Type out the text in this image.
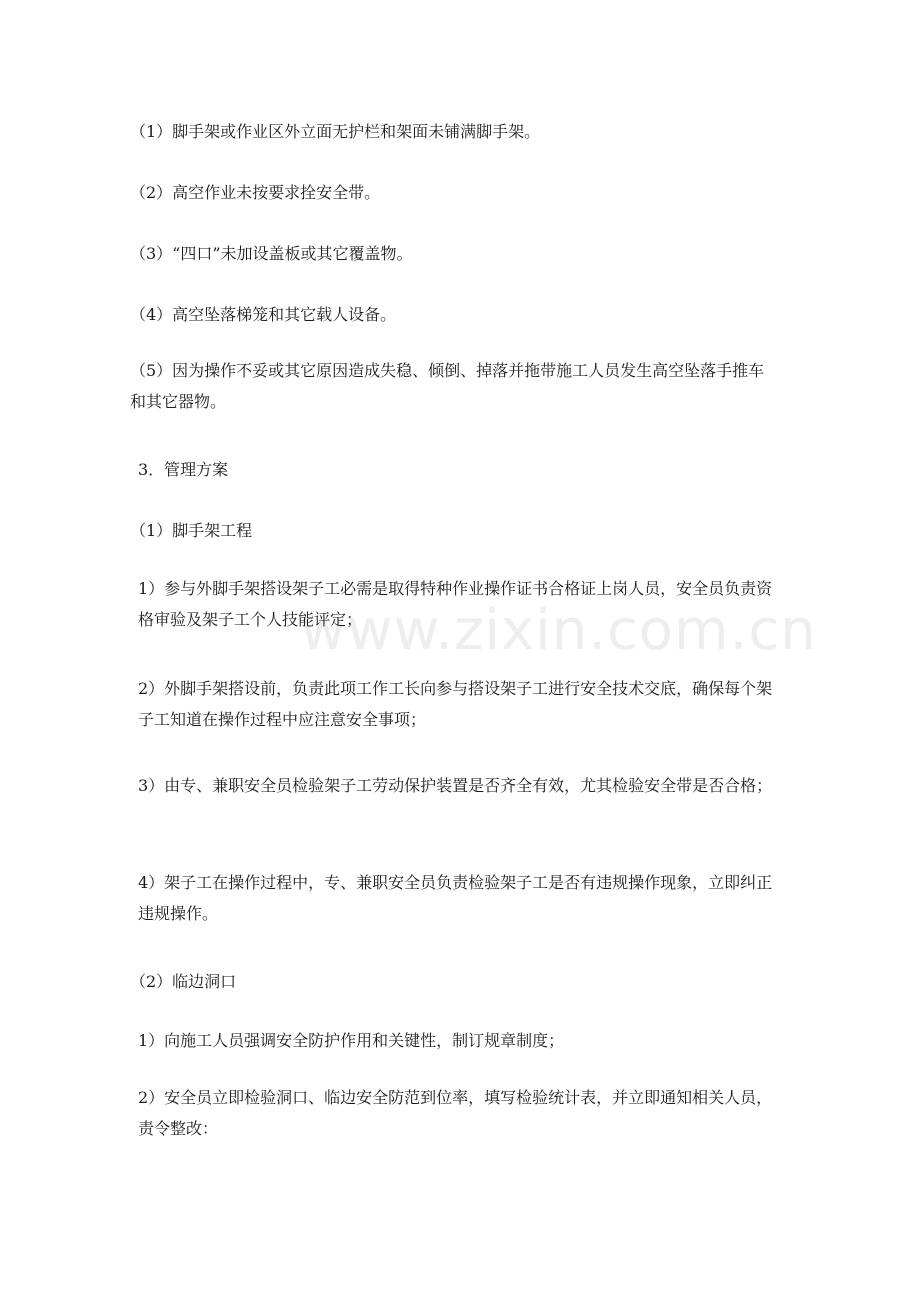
www.zixin.com.cn

（1）脚手架或作业区外立面无护栏和架面未铺满脚手架。

（2）高空作业未按要求拴安全带。

（3）“四口”未加设盖板或其它覆盖物。

（4）高空坠落梯笼和其它载人设备。

（5）因为操作不妥或其它原因造成失稳、倾倒、掉落并拖带施工人员发生高空坠落手推车和其它器物。

3．管理方案

（1）脚手架工程

1）参与外脚手架搭设架子工必需是取得特种作业操作证书合格证上岗人员，安全员负责资格审验及架子工个人技能评定；

2）外脚手架搭设前，负责此项工作工长向参与搭设架子工进行安全技术交底，确保每个架子工知道在操作过程中应注意安全事项；

3）由专、兼职安全员检验架子工劳动保护装置是否齐全有效，尤其检验安全带是否合格；

4）架子工在操作过程中，专、兼职安全员负责检验架子工是否有违规操作现象，立即纠正违规操作。

（2）临边洞口

1）向施工人员强调安全防护作用和关键性，制订规章制度；

2）安全员立即检验洞口、临边安全防范到位率，填写检验统计表，并立即通知相关人员，责令整改：
